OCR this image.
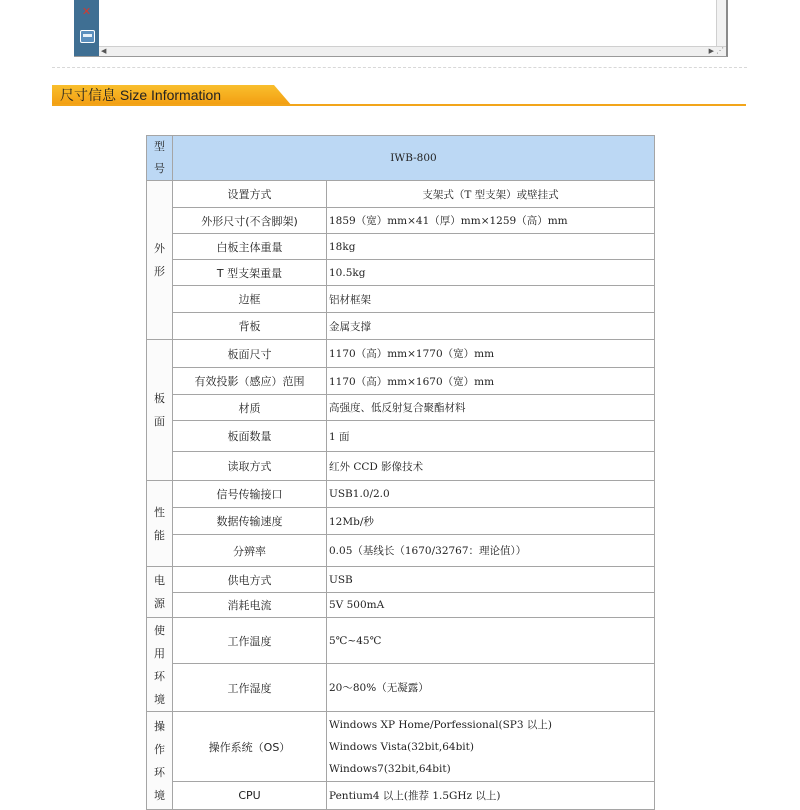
✕
◀	▶ ⋰
尺寸信息 Size Information
型
号	IWB-800	

外
形	设置方式	支架式（T 型支架）或壁挂式
	外形尺寸(不含脚架)	1859（宽）mm×41（厚）mm×1259（高）mm
	白板主体重量	18kg
	T 型支架重量	10.5kg
	边框	铝材框架
	背板	金属支撑

板
面	板面尺寸	1170（高）mm×1770（宽）mm
	有效投影（感应）范围	1170（高）mm×1670（宽）mm
	材质	高强度、低反射复合聚酯材料
	板面数量	1 面
	读取方式	红外 CCD 影像技术

性
能	信号传输接口	USB1.0/2.0
	数据传输速度	12Mb/秒
	分辨率	0.05（基线长（1670/32767：理论值））

电
源	供电方式	USB
	消耗电流	5V 500mA

使
用
环
境	工作温度	5℃~45℃
	工作湿度	20～80%（无凝露）

操
作
环
境	操作系统（OS）	Windows XP Home/Porfessional(SP3 以上)
Windows Vista(32bit,64bit)
Windows7(32bit,64bit)

	CPU	Pentium4 以上(推荐 1.5GHz 以上)
